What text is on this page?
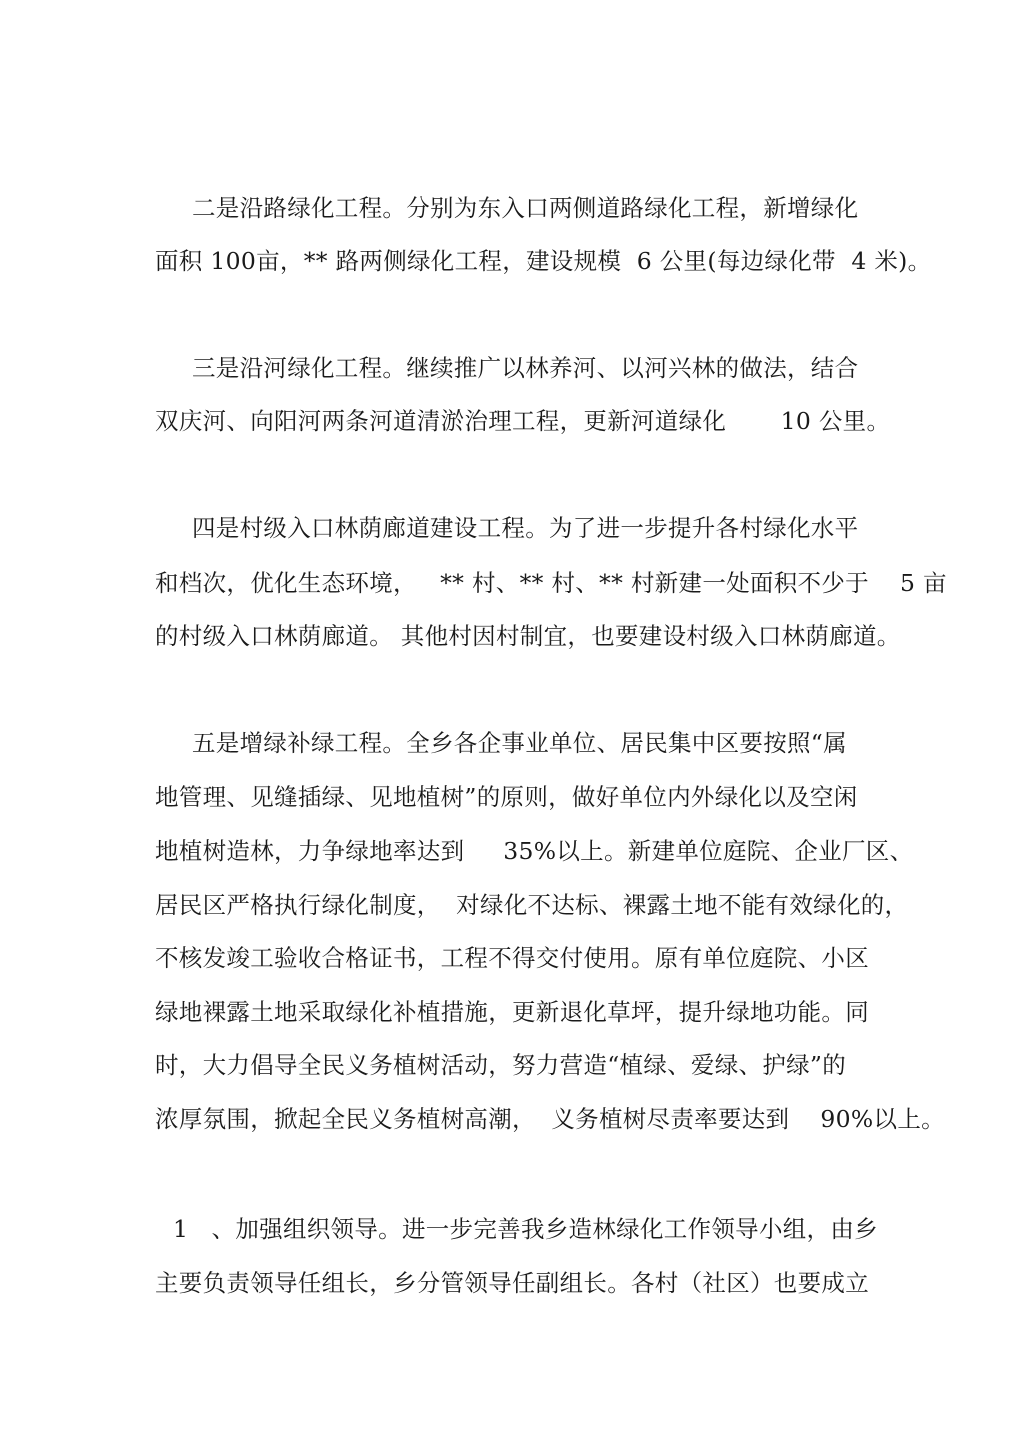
二是沿路绿化工程。分别为东入口两侧道路绿化工程，新增绿化
面积 100亩，** 路两侧绿化工程，建设规模  6 公里(每边绿化带  4 米)。
三是沿河绿化工程。继续推广以林养河、以河兴林的做法，结合
双庆河、向阳河两条河道清淤治理工程，更新河道绿化       10 公里。
四是村级入口林荫廊道建设工程。为了进一步提升各村绿化水平
和档次，优化生态环境，   ** 村、** 村、** 村新建一处面积不少于    5 亩
的村级入口林荫廊道。 其他村因村制宜，也要建设村级入口林荫廊道。
五是增绿补绿工程。全乡各企事业单位、居民集中区要按照“属
地管理、见缝插绿、见地植树”的原则，做好单位内外绿化以及空闲
地植树造林，力争绿地率达到     35%以上。新建单位庭院、企业厂区、
居民区严格执行绿化制度，  对绿化不达标、裸露土地不能有效绿化的，
不核发竣工验收合格证书，工程不得交付使用。原有单位庭院、小区
绿地裸露土地采取绿化补植措施，更新退化草坪，提升绿地功能。同
时，大力倡导全民义务植树活动，努力营造“植绿、爱绿、护绿”的
浓厚氛围，掀起全民义务植树高潮，  义务植树尽责率要达到    90%以上。
1   、加强组织领导。进一步完善我乡造林绿化工作领导小组，由乡
主要负责领导任组长，乡分管领导任副组长。各村（社区）也要成立
